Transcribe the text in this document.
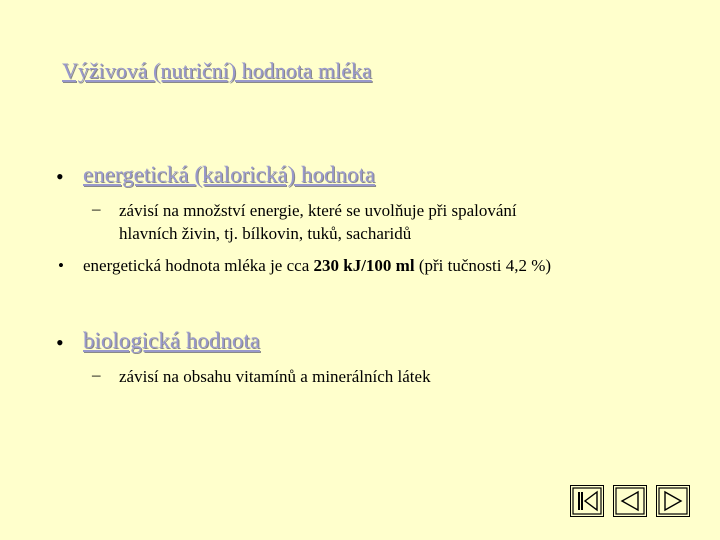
Výživová (nutriční) hodnota mléka
• energetická (kalorická) hodnota
– závisí na množství energie, které se uvolňuje při spalování
hlavních živin, tj. bílkovin, tuků, sacharidů
• energetická hodnota mléka je cca 230 kJ/100 ml (při tučnosti 4,2 %)
• biologická hodnota
– závisí na obsahu vitamínů a minerálních látek
